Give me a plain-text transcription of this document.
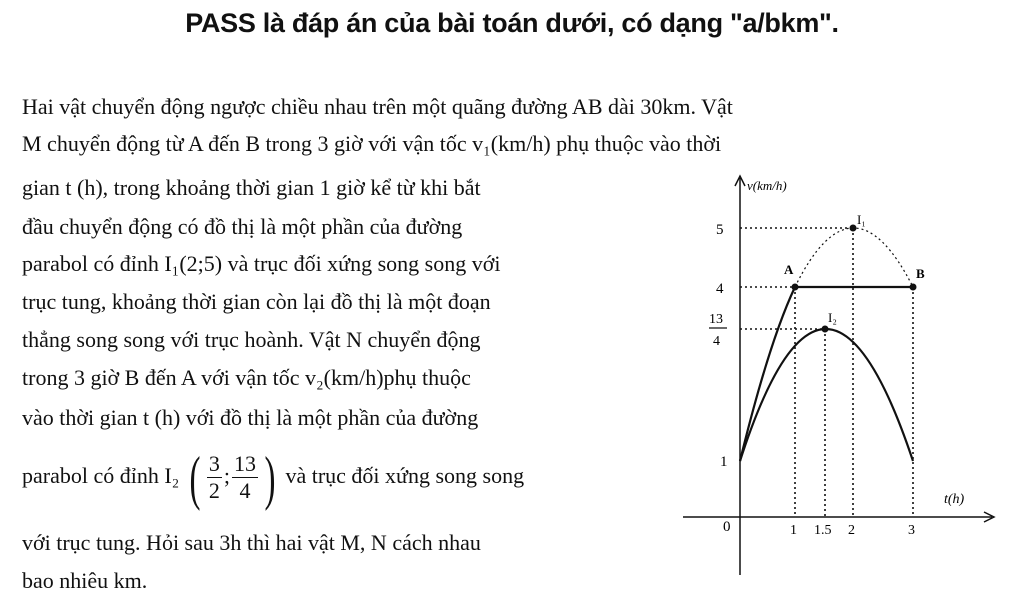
PASS là đáp án của bài toán dưới, có dạng "a/bkm".
Hai vật chuyển động ngược chiều nhau trên một quãng đường AB dài 30km. Vật
M chuyển động từ A đến B trong 3 giờ với vận tốc v₁(km/h) phụ thuộc vào thời
gian t (h), trong khoảng thời gian 1 giờ kể từ khi bắt
đầu chuyển động có đồ thị là một phần của đường
parabol có đỉnh I₁(2;5) và trục đối xứng song song với
trục tung, khoảng thời gian còn lại đồ thị là một đoạn
thẳng song song với trục hoành. Vật N chuyển động
trong 3 giờ B đến A với vận tốc v₂(km/h)phụ thuộc
vào thời gian t (h) với đồ thị là một phần của đường
parabol có đỉnh I₂ ( $\frac{3}{2}$ ; $\frac{13}{4}$ ) và trục đối xứng song song
với trục tung. Hỏi sau 3h thì hai vật M, N cách nhau
bao nhiêu km.
v(km/h)
t(h)
0
5
4
13
4
1
1 1.5 2	3
I₁
A	B
I₂
